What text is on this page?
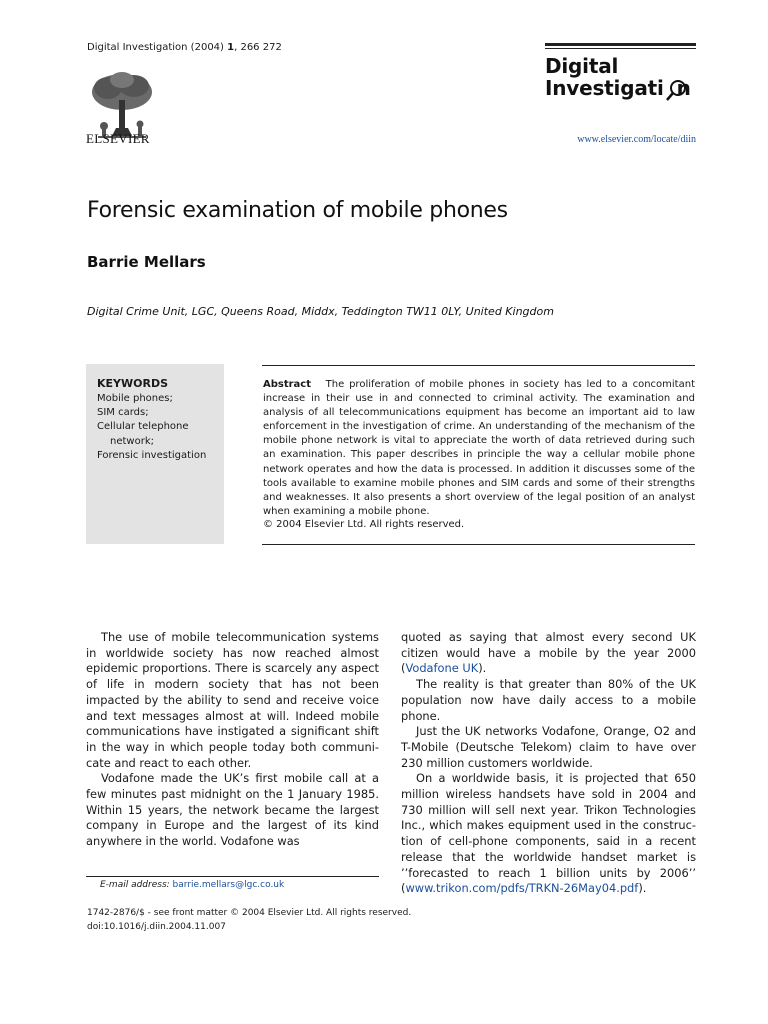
Digital Investigation (2004) 1, 266 272
ELSEVIER
Digital
Investigati n
www.elsevier.com/locate/diin
Forensic examination of mobile phones
Barrie Mellars
Digital Crime Unit, LGC, Queens Road, Middx, Teddington TW11 0LY, United Kingdom
KEYWORDS
Mobile phones;
SIM cards;
Cellular telephone
network;
Forensic investigation
Abstract The proliferation of mobile phones in society has led to a concomitant increase in their use in and connected to criminal activity. The examination and analysis of all telecommunications equipment has become an important aid to law enforcement in the investigation of crime. An understanding of the mechanism of the mobile phone network is vital to appreciate the worth of data retrieved during such an examination. This paper describes in principle the way a cellular mobile phone network operates and how the data is processed. In addition it discusses some of the tools available to examine mobile phones and SIM cards and some of their strengths and weaknesses. It also presents a short overview of the legal position of an analyst when examining a mobile phone.
© 2004 Elsevier Ltd. All rights reserved.

The use of mobile telecommunication systems in worldwide society has now reached almost epidemic proportions. There is scarcely any aspect of life in modern society that has not been impacted by the ability to send and receive voice and text messages almost at will. Indeed mobile communications have instigated a significant shift in the way in which people today both communi-cate and react to each other.

Vodafone made the UK’s first mobile call at a few minutes past midnight on the 1 January 1985. Within 15 years, the network became the largest company in Europe and the largest of its kind anywhere in the world. Vodafone was

quoted as saying that almost every second UK citizen would have a mobile by the year 2000 (Vodafone UK).

The reality is that greater than 80% of the UK population now have daily access to a mobile phone.

Just the UK networks Vodafone, Orange, O2 and T-Mobile (Deutsche Telekom) claim to have over 230 million customers worldwide.

On a worldwide basis, it is projected that 650 million wireless handsets have sold in 2004 and 730 million will sell next year. Trikon Technologies Inc., which makes equipment used in the construc-tion of cell-phone components, said in a recent release that the worldwide handset market is ’’forecasted to reach 1 billion units by 2006’’ (www.trikon.com/pdfs/TRKN-26May04.pdf).

E-mail address: barrie.mellars@lgc.co.uk
1742-2876/$ - see front matter © 2004 Elsevier Ltd. All rights reserved.
doi:10.1016/j.diin.2004.11.007
